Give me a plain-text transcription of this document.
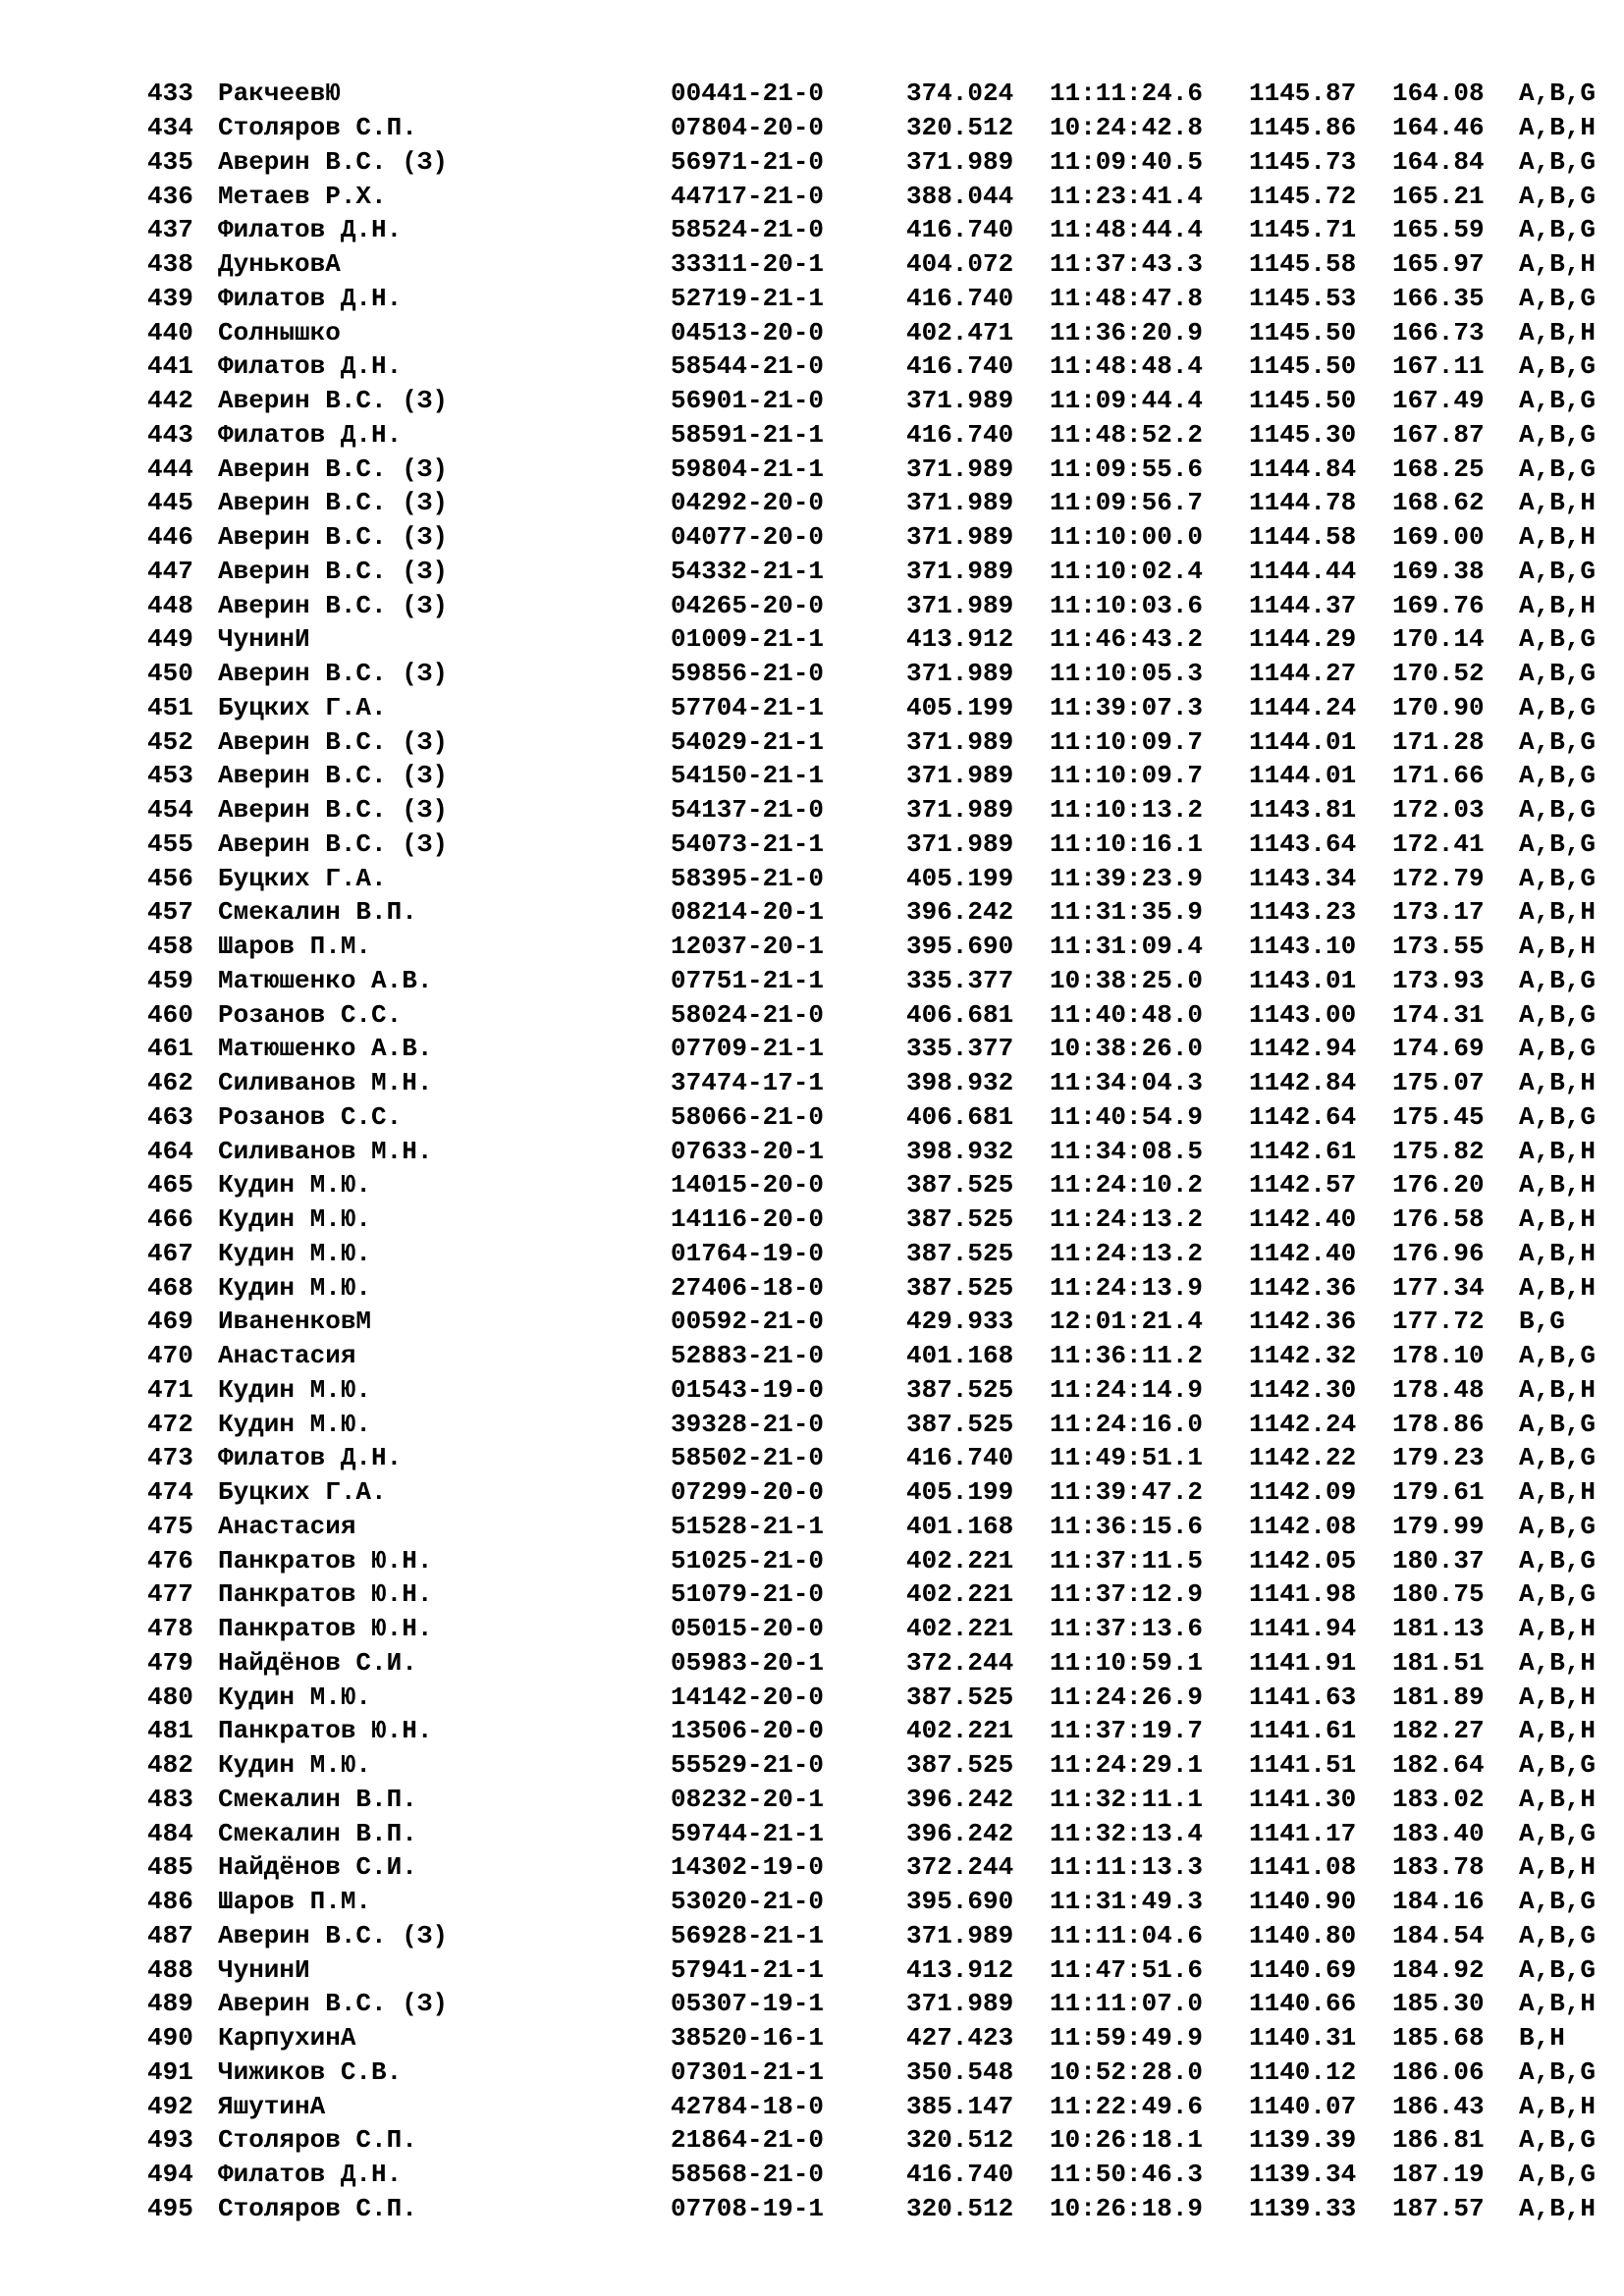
433 РакчеевЮ	00441-21-0	374.024	11:11:24.6	1145.87	164.08	A,B,G
434 Столяров С.П.	07804-20-0	320.512	10:24:42.8	1145.86	164.46	A,B,H
435 Аверин В.С. (З)	56971-21-0	371.989	11:09:40.5	1145.73	164.84	A,B,G
436 Метаев Р.Х.	44717-21-0	388.044	11:23:41.4	1145.72	165.21	A,B,G
437 Филатов Д.Н.	58524-21-0	416.740	11:48:44.4	1145.71	165.59	A,B,G
438 ДуньковА	33311-20-1	404.072	11:37:43.3	1145.58	165.97	A,B,H
439 Филатов Д.Н.	52719-21-1	416.740	11:48:47.8	1145.53	166.35	A,B,G
440 Солнышко	04513-20-0	402.471	11:36:20.9	1145.50	166.73	A,B,H
441 Филатов Д.Н.	58544-21-0	416.740	11:48:48.4	1145.50	167.11	A,B,G
442 Аверин В.С. (З)	56901-21-0	371.989	11:09:44.4	1145.50	167.49	A,B,G
443 Филатов Д.Н.	58591-21-1	416.740	11:48:52.2	1145.30	167.87	A,B,G
444 Аверин В.С. (З)	59804-21-1	371.989	11:09:55.6	1144.84	168.25	A,B,G
445 Аверин В.С. (З)	04292-20-0	371.989	11:09:56.7	1144.78	168.62	A,B,H
446 Аверин В.С. (З)	04077-20-0	371.989	11:10:00.0	1144.58	169.00	A,B,H
447 Аверин В.С. (З)	54332-21-1	371.989	11:10:02.4	1144.44	169.38	A,B,G
448 Аверин В.С. (З)	04265-20-0	371.989	11:10:03.6	1144.37	169.76	A,B,H
449 ЧунинИ	01009-21-1	413.912	11:46:43.2	1144.29	170.14	A,B,G
450 Аверин В.С. (З)	59856-21-0	371.989	11:10:05.3	1144.27	170.52	A,B,G
451 Буцких Г.А.	57704-21-1	405.199	11:39:07.3	1144.24	170.90	A,B,G
452 Аверин В.С. (З)	54029-21-1	371.989	11:10:09.7	1144.01	171.28	A,B,G
453 Аверин В.С. (З)	54150-21-1	371.989	11:10:09.7	1144.01	171.66	A,B,G
454 Аверин В.С. (З)	54137-21-0	371.989	11:10:13.2	1143.81	172.03	A,B,G
455 Аверин В.С. (З)	54073-21-1	371.989	11:10:16.1	1143.64	172.41	A,B,G
456 Буцких Г.А.	58395-21-0	405.199	11:39:23.9	1143.34	172.79	A,B,G
457 Смекалин В.П.	08214-20-1	396.242	11:31:35.9	1143.23	173.17	A,B,H
458 Шаров П.М.	12037-20-1	395.690	11:31:09.4	1143.10	173.55	A,B,H
459 Матюшенко А.В.	07751-21-1	335.377	10:38:25.0	1143.01	173.93	A,B,G
460 Розанов С.С.	58024-21-0	406.681	11:40:48.0	1143.00	174.31	A,B,G
461 Матюшенко А.В.	07709-21-1	335.377	10:38:26.0	1142.94	174.69	A,B,G
462 Силиванов М.Н.	37474-17-1	398.932	11:34:04.3	1142.84	175.07	A,B,H
463 Розанов С.С.	58066-21-0	406.681	11:40:54.9	1142.64	175.45	A,B,G
464 Силиванов М.Н.	07633-20-1	398.932	11:34:08.5	1142.61	175.82	A,B,H
465 Кудин М.Ю.	14015-20-0	387.525	11:24:10.2	1142.57	176.20	A,B,H
466 Кудин М.Ю.	14116-20-0	387.525	11:24:13.2	1142.40	176.58	A,B,H
467 Кудин М.Ю.	01764-19-0	387.525	11:24:13.2	1142.40	176.96	A,B,H
468 Кудин М.Ю.	27406-18-0	387.525	11:24:13.9	1142.36	177.34	A,B,H
469 ИваненковМ	00592-21-0	429.933	12:01:21.4	1142.36	177.72	B,G
470 Анастасия	52883-21-0	401.168	11:36:11.2	1142.32	178.10	A,B,G
471 Кудин М.Ю.	01543-19-0	387.525	11:24:14.9	1142.30	178.48	A,B,H
472 Кудин М.Ю.	39328-21-0	387.525	11:24:16.0	1142.24	178.86	A,B,G
473 Филатов Д.Н.	58502-21-0	416.740	11:49:51.1	1142.22	179.23	A,B,G
474 Буцких Г.А.	07299-20-0	405.199	11:39:47.2	1142.09	179.61	A,B,H
475 Анастасия	51528-21-1	401.168	11:36:15.6	1142.08	179.99	A,B,G
476 Панкратов Ю.Н.	51025-21-0	402.221	11:37:11.5	1142.05	180.37	A,B,G
477 Панкратов Ю.Н.	51079-21-0	402.221	11:37:12.9	1141.98	180.75	A,B,G
478 Панкратов Ю.Н.	05015-20-0	402.221	11:37:13.6	1141.94	181.13	A,B,H
479 Найдёнов С.И.	05983-20-1	372.244	11:10:59.1	1141.91	181.51	A,B,H
480 Кудин М.Ю.	14142-20-0	387.525	11:24:26.9	1141.63	181.89	A,B,H
481 Панкратов Ю.Н.	13506-20-0	402.221	11:37:19.7	1141.61	182.27	A,B,H
482 Кудин М.Ю.	55529-21-0	387.525	11:24:29.1	1141.51	182.64	A,B,G
483 Смекалин В.П.	08232-20-1	396.242	11:32:11.1	1141.30	183.02	A,B,H
484 Смекалин В.П.	59744-21-1	396.242	11:32:13.4	1141.17	183.40	A,B,G
485 Найдёнов С.И.	14302-19-0	372.244	11:11:13.3	1141.08	183.78	A,B,H
486 Шаров П.М.	53020-21-0	395.690	11:31:49.3	1140.90	184.16	A,B,G
487 Аверин В.С. (З)	56928-21-1	371.989	11:11:04.6	1140.80	184.54	A,B,G
488 ЧунинИ	57941-21-1	413.912	11:47:51.6	1140.69	184.92	A,B,G
489 Аверин В.С. (З)	05307-19-1	371.989	11:11:07.0	1140.66	185.30	A,B,H
490 КарпухинА	38520-16-1	427.423	11:59:49.9	1140.31	185.68	B,H
491 Чижиков С.В.	07301-21-1	350.548	10:52:28.0	1140.12	186.06	A,B,G
492 ЯшутинА	42784-18-0	385.147	11:22:49.6	1140.07	186.43	A,B,H
493 Столяров С.П.	21864-21-0	320.512	10:26:18.1	1139.39	186.81	A,B,G
494 Филатов Д.Н.	58568-21-0	416.740	11:50:46.3	1139.34	187.19	A,B,G
495 Столяров С.П.	07708-19-1	320.512	10:26:18.9	1139.33	187.57	A,B,H
